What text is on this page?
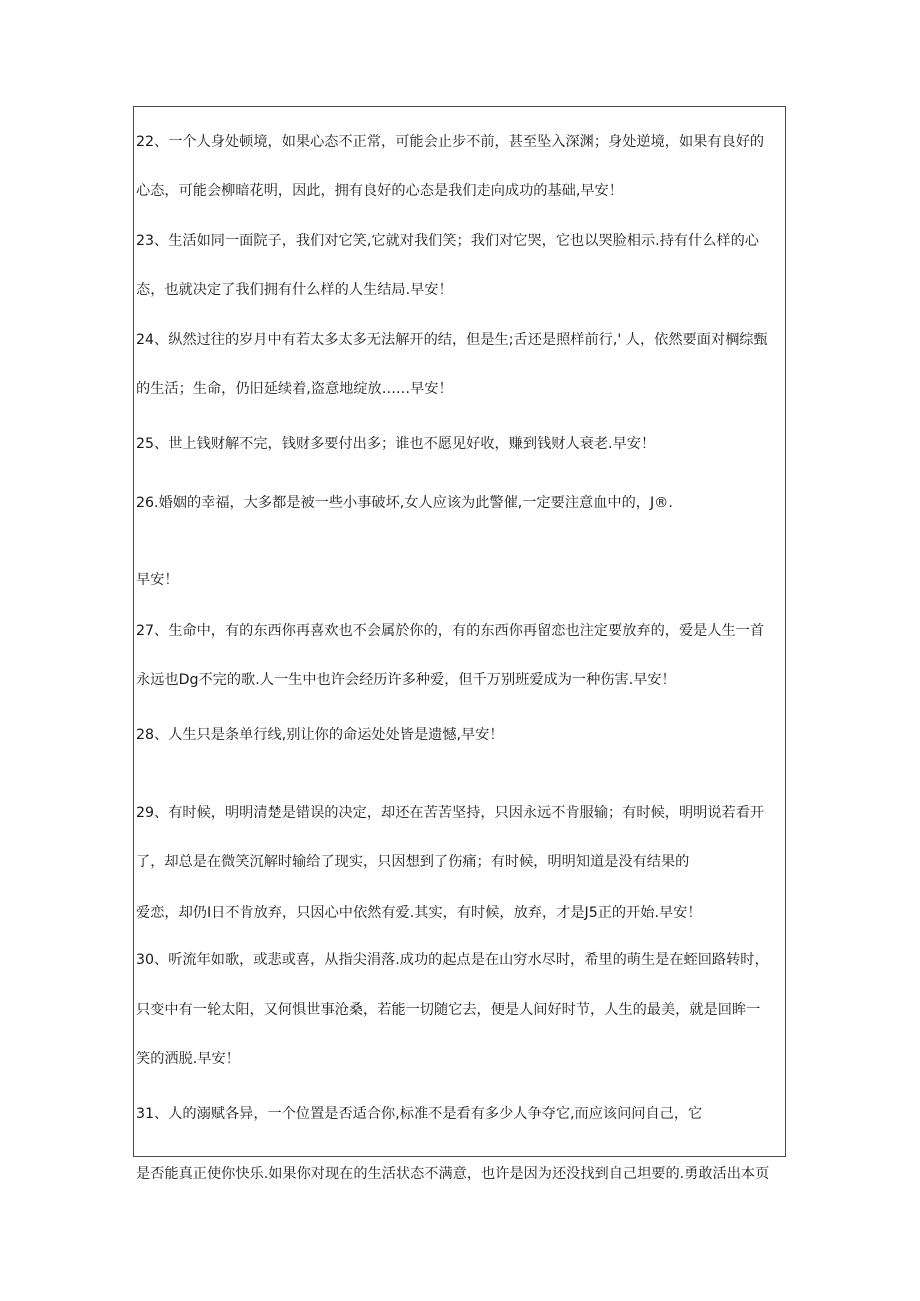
22、一个人身处顿境，如果心态不正常，可能会止步不前，甚至坠入深渊；身处逆境，如果有良好的
心态，可能会柳暗花明，因此，拥有良好的心态是我们走向成功的基础,早安！
23、生活如同一面院子，我们对它笑,它就对我们笑；我们对它哭，它也以哭脸相示.持有什么样的心
态，也就决定了我们拥有什么样的人生结局.早安！
24、纵然过往的岁月中有若太多太多无法解开的结，但是生;舌还是照样前行,' 人，依然要面对棡综甄
的生活；生命，仍旧延续着,盗意地绽放……早安！
25、世上钱财解不完，钱财多要付出多；谁也不愿见好收，赚到钱财人衰老.早安！
26.婚姻的幸福，大多都是被一些小事破坏,女人应该为此警催,一定要注意血中的，J®.
早安！
27、生命中，有的东西你再喜欢也不会属於你的，有的东西你再留恋也注定要放弃的，爱是人生一首
永远也Dg不完的歌.人一生中也许会经历许多种爱，但千万别班爱成为一种伤害.早安！
28、人生只是条单行线,别让你的命运处处皆是遗憾,早安！
29、有时候，明明清楚是错误的决定，却还在苦苦坚持，只因永远不肯服输；有时候，明明说若看开
了，却总是在微笑沉解时输给了现实，只因想到了伤痛；有时候，明明知道是没有结果的
爱恋，却仍I日不肯放弃，只因心中依然有爱.其实，有时候，放弃，才是J5正的开始.早安！
30、听流年如歌，或悲或喜，从指尖涓落.成功的起点是在山穷水尽时，希里的萌生是在蛭回路转时，
只变中有一轮太阳，又何惧世事沧桑，若能一切随它去，便是人间好时节，人生的最美，就是回眸一
笑的洒脱.早安！
31、人的溺赋各异，一个位置是否适合你,标准不是看有多少人争夺它,而应该问问自己，它
是否能真正使你快乐.如果你对现在的生活状态不满意，也许是因为还没找到自己坦要的.勇敢活出本页
